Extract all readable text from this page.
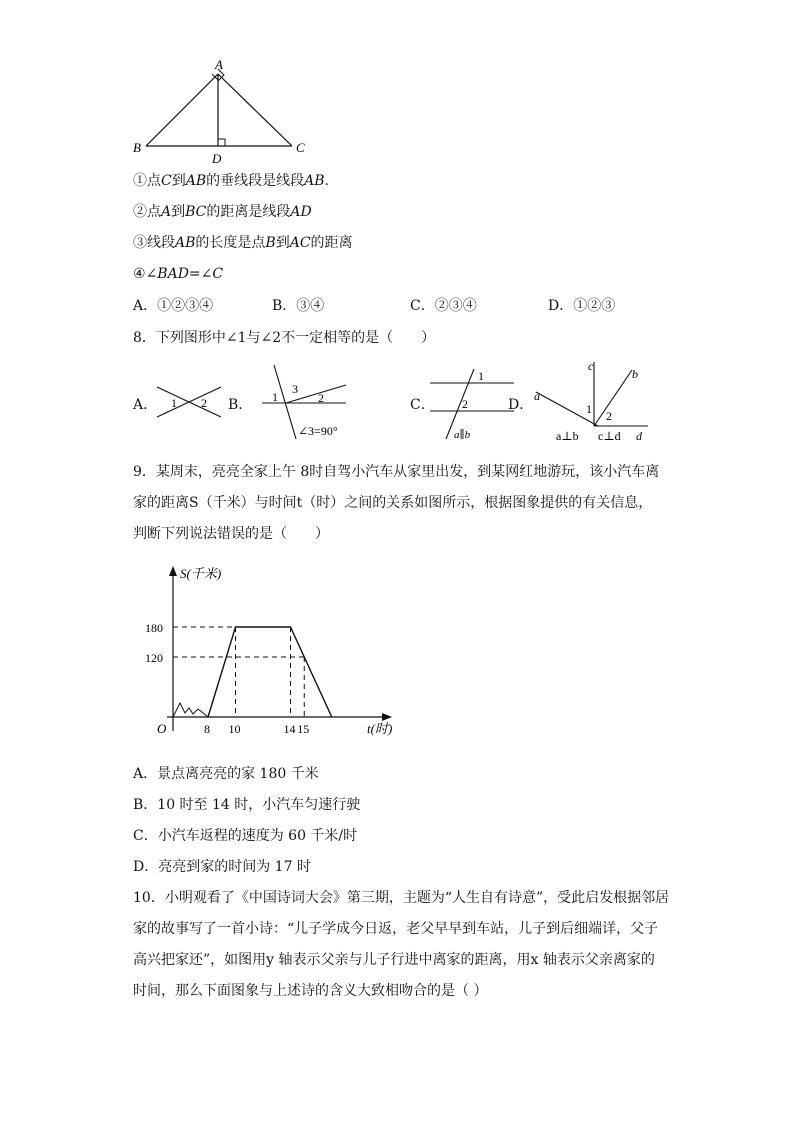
A
B	C
D
①点C到AB的垂线段是线段AB.
②点A到BC的距离是线段AD
③线段AB的长度是点B到AC的距离
④∠BAD=∠C
A．①②③④	B．③④	C．②③④	D．①②③
8．下列图形中∠1与∠2不一定相等的是（　　）
A． 1 2 B． 1
3
2
∠3=90°
C．
1
2
a∥b
D．
c
b
a
1 2
a⊥b c⊥d d
9．某周末，亮亮全家上午 8时自驾小汽车从家里出发，到某网红地游玩，该小汽车离
家的距离S（千米）与时间t（时）之间的关系如图所示，根据图象提供的有关信息，
判断下列说法错误的是（　　）
180
120
8 10	14 15
S(千米)
t(时)
O
A．景点离亮亮的家 180 千米
B．10 时至 14 时，小汽车匀速行驶
C．小汽车返程的速度为 60 千米/时
D．亮亮到家的时间为 17 时
10．小明观看了《中国诗词大会》第三期，主题为“人生自有诗意”，受此启发根据邻居
家的故事写了一首小诗：“儿子学成今日返，老父早早到车站，儿子到后细端详，父子
高兴把家还”，如图用y 轴表示父亲与儿子行进中离家的距离，用x 轴表示父亲离家的
时间，那么下面图象与上述诗的含义大致相吻合的是（ ）
